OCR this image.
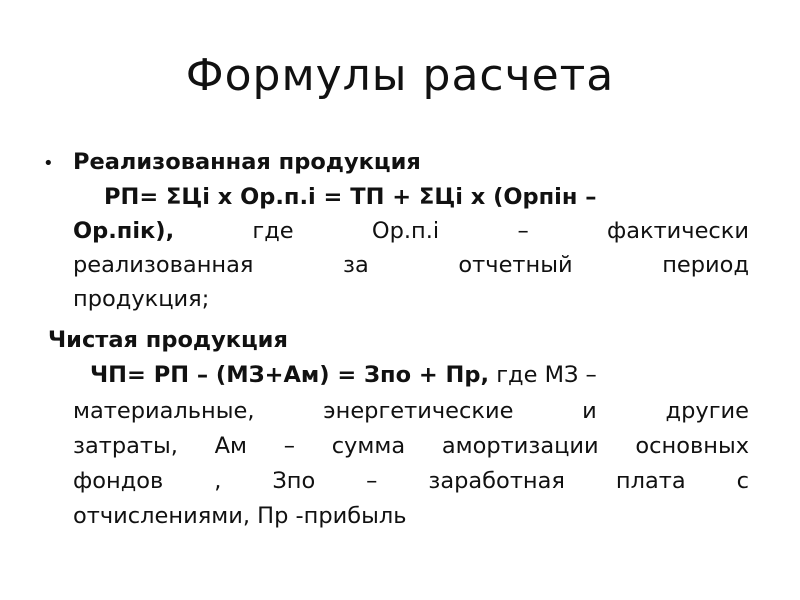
Формулы расчета
• Реализованная продукция
РП= ΣЦі х Ор.п.і = ТП + ΣЦі х (Орпін –
Ор.пік),	где	Ор.п.і	–	фактически
реализованная	за	отчетный	период
продукция;
Чистая продукция
ЧП= РП – (МЗ+Ам) = Зпо + Пр, где МЗ –
материальные,	энергетические	и	другие
затраты, Ам – сумма амортизации основных
фондов , Зпо – заработная плата с
отчислениями, Пр -прибыль
